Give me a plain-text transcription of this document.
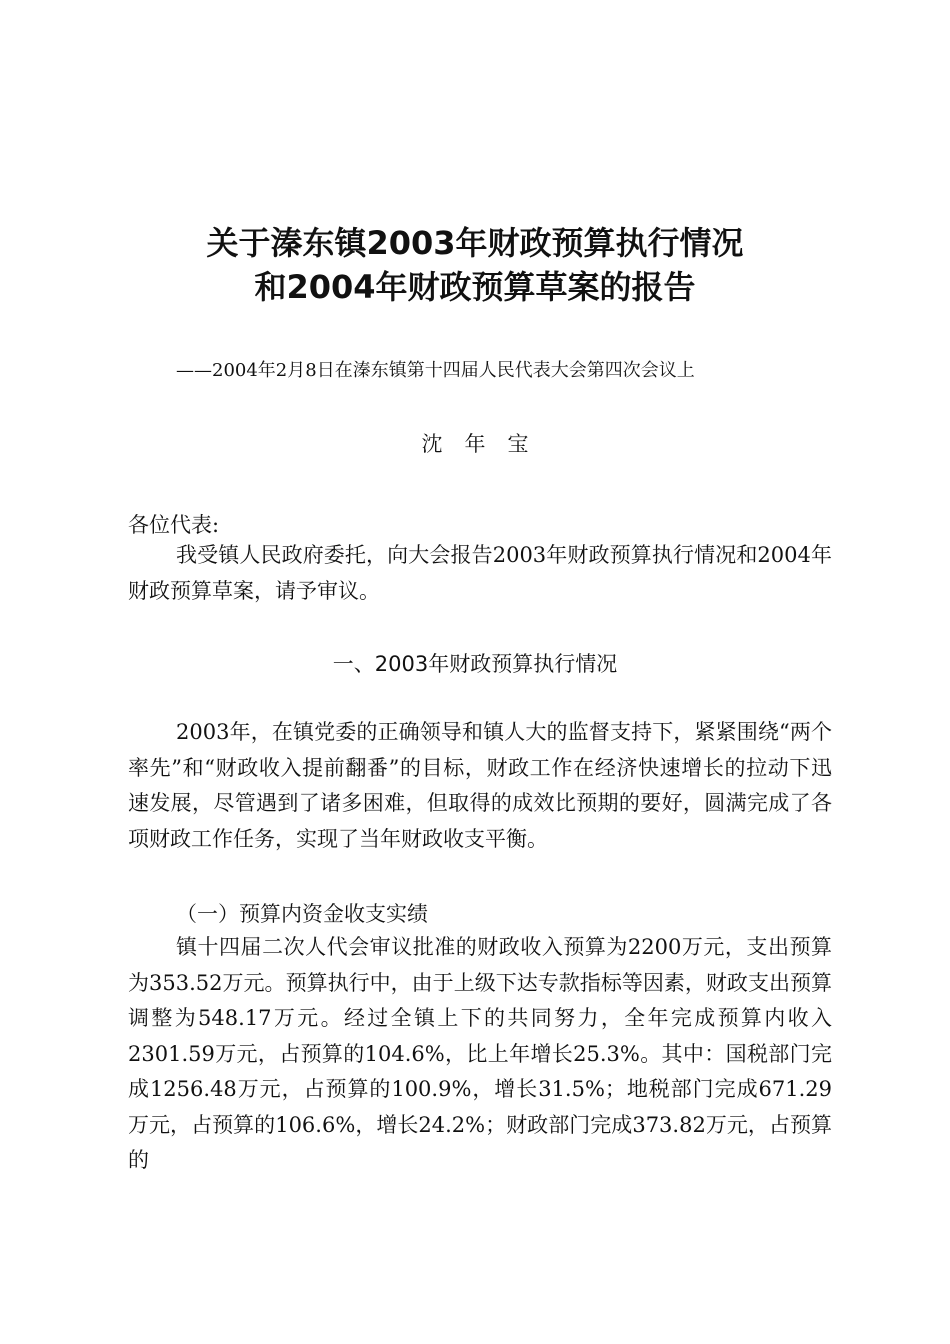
关于溱东镇2003年财政预算执行情况
和2004年财政预算草案的报告
——2004年2月8日在溱东镇第十四届人民代表大会第四次会议上
沈年宝
各位代表:

我受镇人民政府委托，向大会报告2003年财政预算执行情况和2004年财政预算草案，请予审议。

一、2003年财政预算执行情况

2003年，在镇党委的正确领导和镇人大的监督支持下，紧紧围绕“两个率先”和“财政收入提前翻番”的目标，财政工作在经济快速增长的拉动下迅速发展，尽管遇到了诸多困难，但取得的成效比预期的要好，圆满完成了各项财政工作任务，实现了当年财政收支平衡。

（一）预算内资金收支实绩

镇十四届二次人代会审议批准的财政收入预算为2200万元，支出预算为353.52万元。预算执行中，由于上级下达专款指标等因素，财政支出预算调整为548.17万元。经过全镇上下的共同努力，全年完成预算内收入2301.59万元，占预算的104.6%，比上年增长25.3%。其中：国税部门完成1256.48万元，占预算的100.9%，增长31.5%；地税部门完成671.29万元，占预算的106.6%，增长24.2%；财政部门完成373.82万元，占预算的
